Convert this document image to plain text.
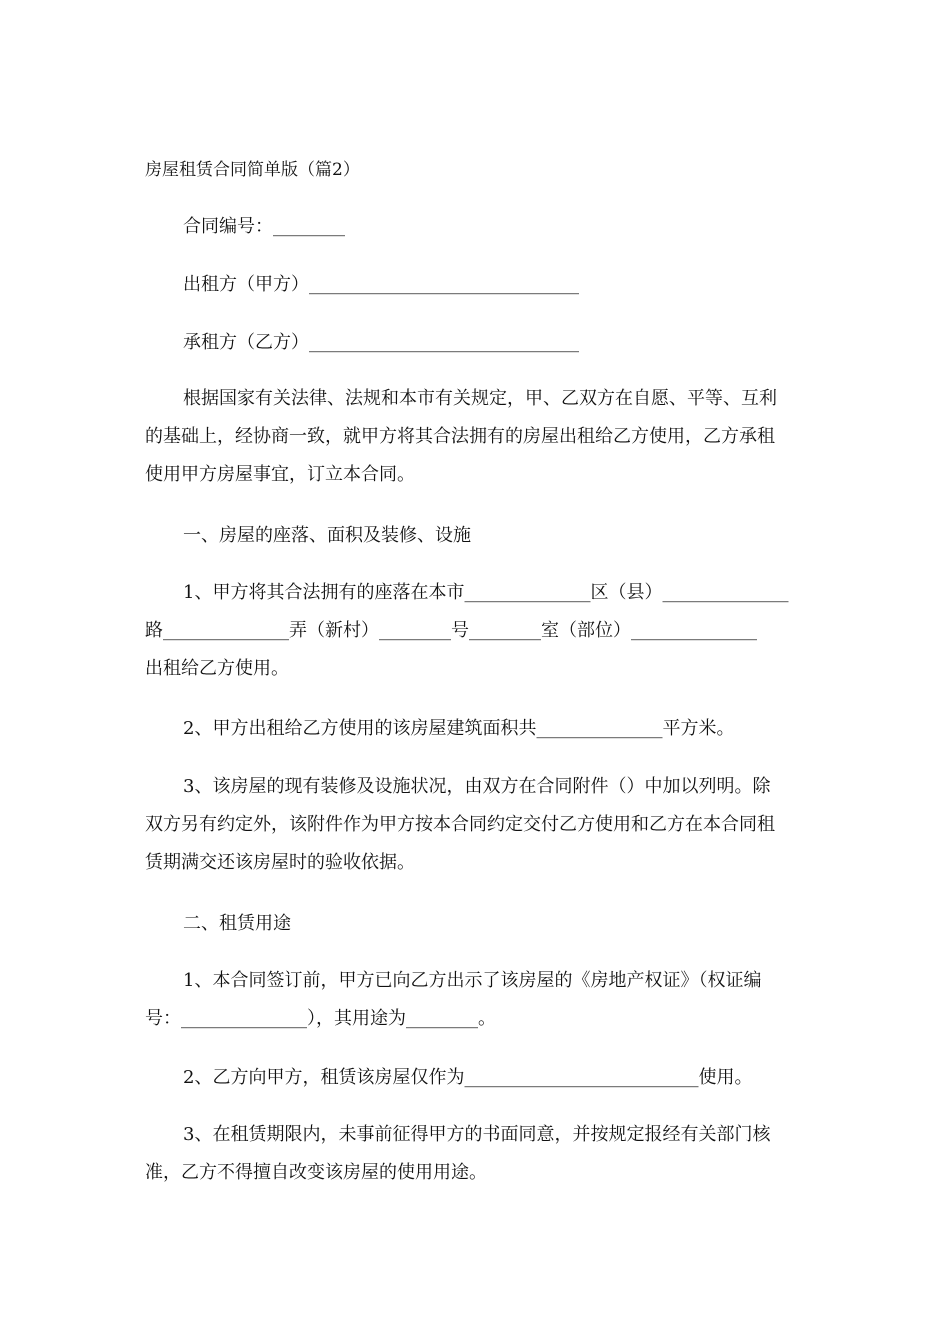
房屋租赁合同简单版（篇2）
合同编号：________
出租方（甲方）______________________________
承租方（乙方）______________________________
根据国家有关法律、法规和本市有关规定，甲、乙双方在自愿、平等、互利
的基础上，经协商一致，就甲方将其合法拥有的房屋出租给乙方使用，乙方承租
使用甲方房屋事宜，订立本合同。
一、房屋的座落、面积及装修、设施
1、甲方将其合法拥有的座落在本市______________区（县）______________
路______________弄（新村）________号________室（部位）______________
出租给乙方使用。
2、甲方出租给乙方使用的该房屋建筑面积共______________平方米。
3、该房屋的现有装修及设施状况，由双方在合同附件（）中加以列明。除
双方另有约定外，该附件作为甲方按本合同约定交付乙方使用和乙方在本合同租
赁期满交还该房屋时的验收依据。
二、租赁用途
1、本合同签订前，甲方已向乙方出示了该房屋的《房地产权证》（权证编
号：______________），其用途为________。
2、乙方向甲方，租赁该房屋仅作为__________________________使用。
3、在租赁期限内，未事前征得甲方的书面同意，并按规定报经有关部门核
准，乙方不得擅自改变该房屋的使用用途。
